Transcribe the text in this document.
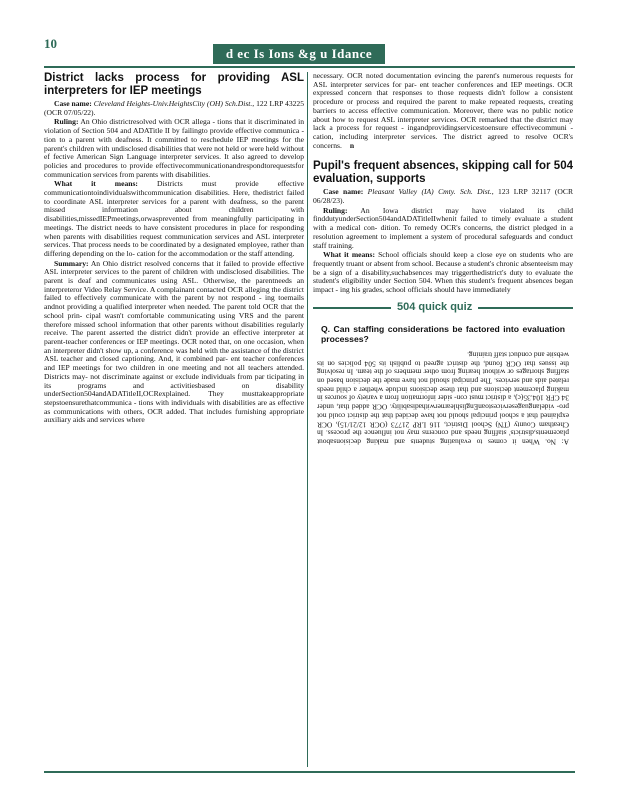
10
d ec Is Ions &g u Idance
District lacks process for providing ASL interpreters for IEP meetings

Case name: Cleveland Heights-Univ.HeightsCity (OH) Sch.Dist., 122 LRP 43225 (OCR 07/05/22).

Ruling: An Ohio districtresolved with OCR allega - tions that it discriminated in violation of Section 504 and ADATitle II by failingto provide effective communica - tion to a parent with deafness. It committed to reschedule IEP meetings for the parent's children with undisclosed disabilities that were not held or were held without ef fective American Sign Language interpreter services. It also agreed to develop policies and procedures to provide effectivecommunicationandrespondtorequestsfor communication services from parents with disabilities.

What it means: Districts must provide effective communicationtoindividualswithcommunication disabilities. Here, thedistrict failed to coordinate ASL interpreter services for a parent with deafness, so the parent missed information about children with disabilities,missedIEPmeetings,orwasprevented from meaningfully participating in meetings. The district needs to have consistent procedures in place for responding when parents with disabilities request communication services and ASL interpreter services. That process needs to be coordinated by a designated employee, rather than differing depending on the lo- cation for the accommodation or the staff attending.

Summary: An Ohio district resolved concerns that it failed to provide effective ASL interpreter services to the parent of children with undisclosed disabilities. The parent is deaf and communicates using ASL. Otherwise, the parentneeds an interpreteror Video Relay Service. A complainant contacted OCR alleging the district failed to effectively communicate with the parent by not respond - ing toemails andnot providing a qualified interpreter when needed. The parent told OCR that the school prin- cipal wasn't comfortable communicating using VRS and the parent therefore missed school information that other parents without disabilities regularly receive. The parent asserted the district didn't provide an effective interpreter at parent-teacher conferences or IEP meetings. OCR noted that, on one occasion, when an interpreter didn't show up, a conference was held with the assistance of the district ASL teacher and closed captioning. And, it combined par- ent teacher conferences and IEP meetings for two children in one meeting and not all teachers attended. Districts may- not discriminate against or exclude individuals from par ticipating in its programs and activitiesbased on disability underSection504andADATitleII,OCRexplained. They musttakeappropriate stepstoensurethatcommunica - tions with individuals with disabilities are as effective as communications with others, OCR added. That includes furnishing appropriate auxiliary aids and services where

necessary. OCR noted documentation evincing the parent's numerous requests for ASL interpreter services for par- ent teacher conferences and IEP meetings. OCR expressed concern that responses to those requests didn't follow a consistent procedure or process and required the parent to make repeated requests, creating barriers to access effective communication. Moreover, there was no public notice about how to request ASL interpreter services. OCR remarked that the district may lack a process for request - ingandprovidingservicestoensure effectivecommuni - cation, including interpreter services. The district agreed to resolve OCR's concerns. n

Pupil's frequent absences, skipping call for 504 evaluation, supports

Case name: Pleasant Valley (IA) Cmty. Sch. Dist., 123 LRP 32117 (OCR 06/28/23).

Ruling: An Iowa district may have violated its child finddutyunderSection504andADATitleIIwhenit failed to timely evaluate a student with a medical con- dition. To remedy OCR's concerns, the district pledged in a resolution agreement to implement a system of procedural safeguards and conduct staff training.

What it means: School officials should keep a close eye on students who are frequently truant or absent from school. Because a student's chronic absenteeism may be a sign of a disability,suchabsences may triggerthedistrict's duty to evaluate the student's eligibility under Section 504. When this student's frequent absences began impact - ing his grades, school officials should have immediately

504 quick quiz
Q. Can staffing considerations be factored into evaluation processes?
A: No. When it comes to evaluating students and making decisionsabout placements,districts' staffing needs and concerns may not influence the process. In Cheatham County (TN) School District, 116 LRP 21773 (OCR 12/21/15), OCR explained that a school principal should not have decided that the district could not pro- videlanguageservicestoanEnglishlearnerwithadisability. OCR added that, under 34 CFR 104.35(c), a district must con- sider information from a variety of sources in making placement decisions and that these decisions include whether a child needs related aids and services. The principal should not have made the decision based on staffing shortages or without hearing from other members of the team. In resolving the issues that OCR found, the district agreed to publish its 504 policies on its website and conduct staff training.
